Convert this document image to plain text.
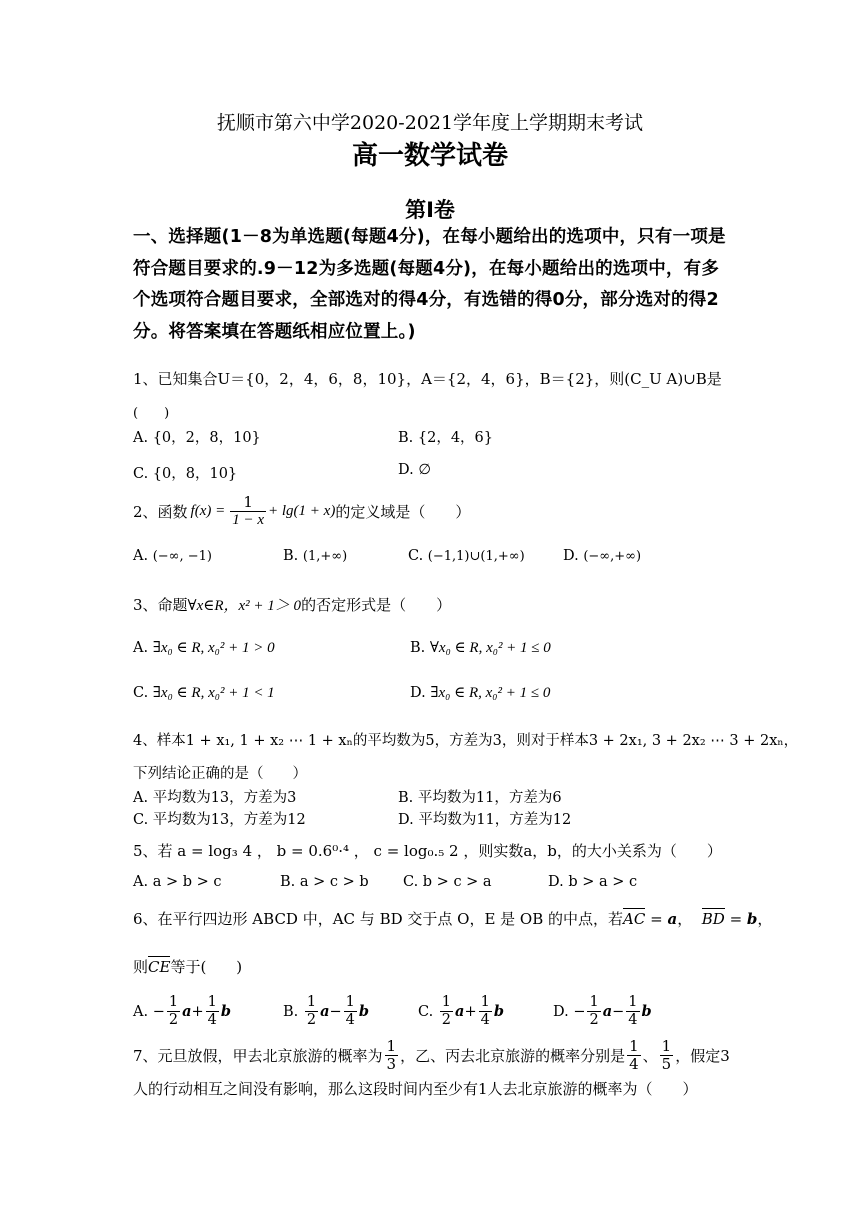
抚顺市第六中学2020-2021学年度上学期期末考试
高一数学试卷
第Ⅰ卷
一、选择题(1－8为单选题(每题4分)，在每小题给出的选项中，只有一项是符合题目要求的.9－12为多选题(每题4分)，在每小题给出的选项中，有多个选项符合题目要求，全部选对的得4分，有选错的得0分，部分选对的得2分。将答案填在答题纸相应位置上。)
1、已知集合U＝{0，2，4，6，8，10}，A＝{2，4，6}，B＝{2}，则(C_U A)∪B是
(　　)
A. {0，2，8，10}	B. {2，4，6}
C. {0，8，10}	D. ∅
2、函数 $f(x) = \frac{1}{1 - x} + \lg(1 + x)$ 的定义域是（　　）
A. (−∞, −1)	B. (1,+∞)	C. (−1,1)∪(1,+∞)	D. (−∞,+∞)
3、命题∀x∈R，x² + 1＞ 0的否定形式是（　　）
A. ∃x₀ ∈ R, x₀² + 1 > 0	B. ∀x₀ ∈ R, x₀² + 1 ≤ 0
C. ∃x₀ ∈ R, x₀² + 1 < 1	D. ∃x₀ ∈ R, x₀² + 1 ≤ 0
4、样本1 + x₁, 1 + x₂ ⋯ 1 + xₙ的平均数为5，方差为3，则对于样本3 + 2x₁, 3 + 2x₂ ⋯ 3 + 2xₙ，
下列结论正确的是（　　）
A. 平均数为13，方差为3	B. 平均数为11，方差为6
C. 平均数为13，方差为12	D. 平均数为11，方差为12
5、若 a = log₃ 4 ， b = 0.6⁰·⁴ ， c = log₀.₅ 2 ，则实数a，b，的大小关系为（　　）
A. a > b > c	B. a > c > b C. b > c > a	D. b > a > c
6、在平行四边形 ABCD 中，AC 与 BD 交于点 O，E 是 OB 的中点，若AC = a，  BD = b，
则CE等于(　　)
A. − $\frac{1}{2}$ $a + \frac{1}{4}$ b	B.
$\frac{1}{2}$ $a - \frac{1}{4}$ b	C.
$\frac{1}{2}$ $a + \frac{1}{4}$ b	D. − $\frac{1}{2}$ $a - \frac{1}{4}$ b
7、元旦放假，甲去北京旅游的概率为 $\frac{1}{3}$ ，乙、丙去北京旅游的概率分别是 $\frac{1}{4}$ 、 $\frac{1}{5}$ ，假定3
人的行动相互之间没有影响，那么这段时间内至少有1人去北京旅游的概率为（　　）
